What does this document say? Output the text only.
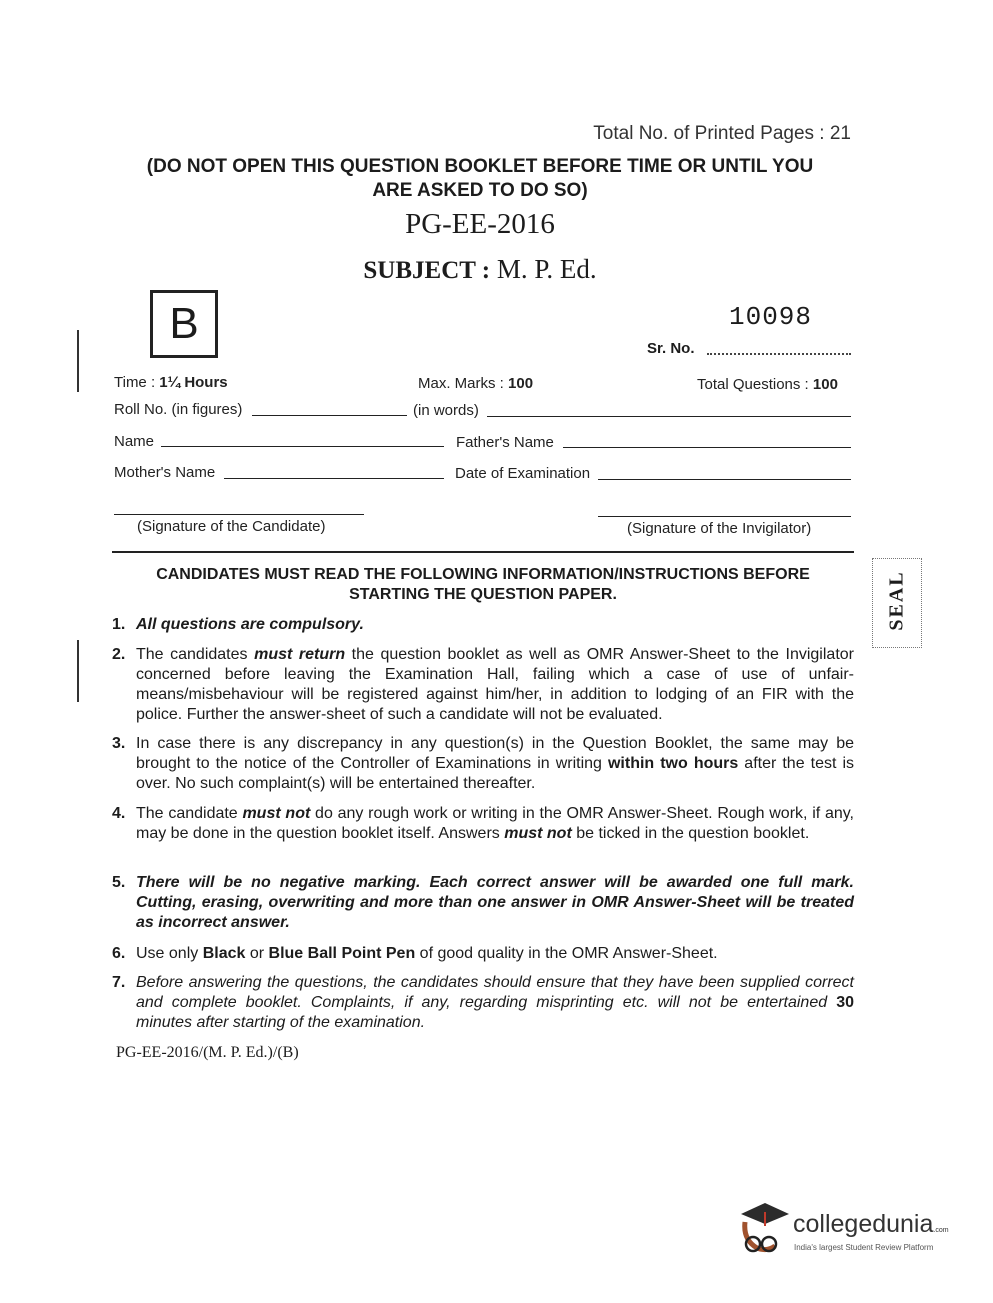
Total No. of Printed Pages : 21
(DO NOT OPEN THIS QUESTION BOOKLET BEFORE TIME OR UNTIL YOU
ARE ASKED TO DO SO)
PG-EE-2016
SUBJECT : M. P. Ed.
B	10098
Sr. No.
Time : 1¼ Hours	Max. Marks : 100	Total Questions : 100
Roll No. (in figures)	(in words)
Name	Father's Name
Mother's Name	Date of Examination
(Signature of the Candidate)	(Signature of the Invigilator)
CANDIDATES MUST READ THE FOLLOWING INFORMATION/INSTRUCTIONS BEFORE
STARTING THE QUESTION PAPER.
1. All questions are compulsory.
2. The candidates must return the question booklet as well as OMR Answer-Sheet to the Invigilator concerned before leaving the Examination Hall, failing which a case of use of unfair-means/misbehaviour will be registered against him/her, in addition to lodging of an FIR with the police. Further the answer-sheet of such a candidate will not be evaluated.
3. In case there is any discrepancy in any question(s) in the Question Booklet, the same may be brought to the notice of the Controller of Examinations in writing within two hours after the test is over. No such complaint(s) will be entertained thereafter.
4. The candidate must not do any rough work or writing in the OMR Answer-Sheet. Rough work, if any, may be done in the question booklet itself. Answers must not be ticked in the question booklet.
5. There will be no negative marking. Each correct answer will be awarded one full mark. Cutting, erasing, overwriting and more than one answer in OMR Answer-Sheet will be treated as incorrect answer.
6. Use only Black or Blue Ball Point Pen of good quality in the OMR Answer-Sheet.
7. Before answering the questions, the candidates should ensure that they have been supplied correct and complete booklet. Complaints, if any, regarding misprinting etc. will not be entertained 30 minutes after starting of the examination.
PG-EE-2016/(M. P. Ed.)/(B)
SEAL
collegedunia.com
India's largest Student Review Platform
